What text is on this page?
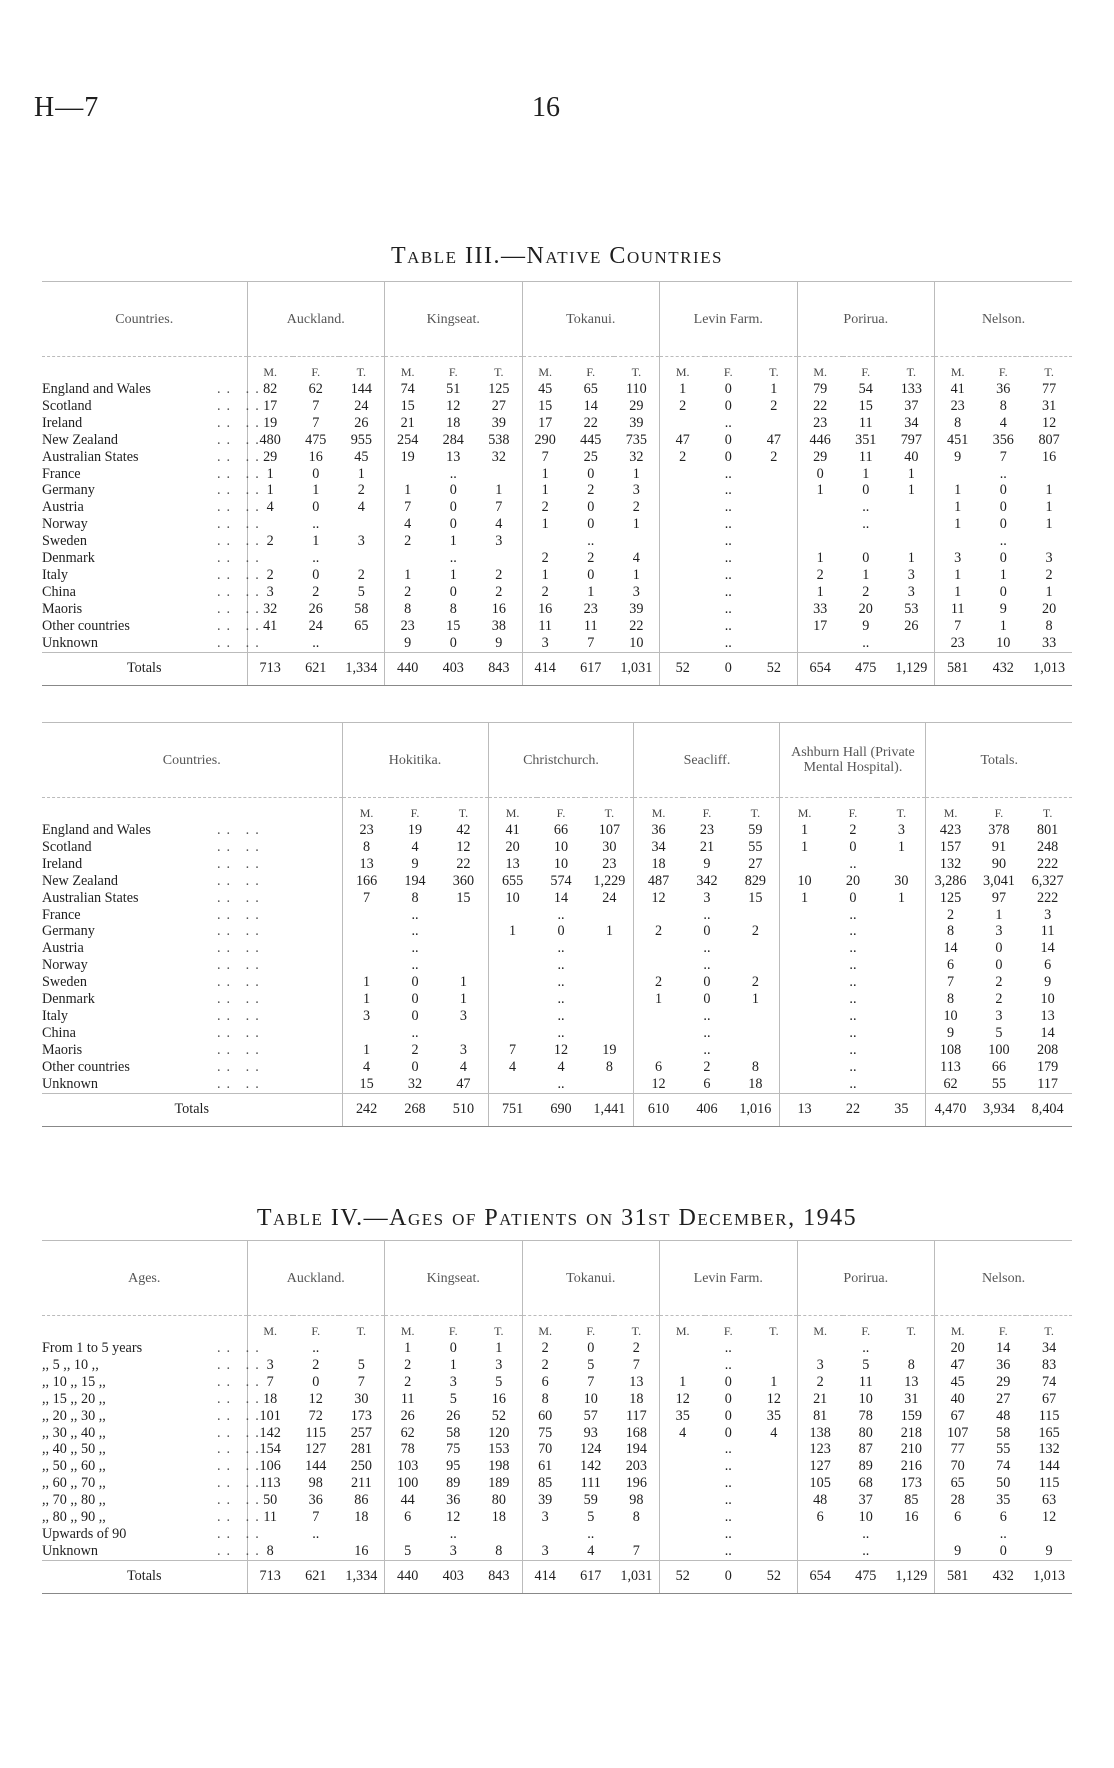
H—7	16
Table III.—Native Countries
Countries.	Auckland.			Kingseat.			Tokanui.			Levin Farm.			Porirua.			Nelson.		
	M.	F.	T.	M.	F.	T.	M.	F.	T.	M.	F.	T.	M.	F.	T.	M.	F.	T.
England and Wales .. ..	82	62	144	74	51	125	45	65	110	1	0	1	79	54	133	41	36	77
Scotland .. ..	17	7	24	15	12	27	15	14	29	2	0	2	22	15	37	23	8	31
Ireland .. ..	19	7	26	21	18	39	17	22	39		..		23	11	34	8	4	12
New Zealand .. ..	480	475	955	254	284	538	290	445	735	47	0	47	446	351	797	451	356	807
Australian States .. ..	29	16	45	19	13	32	7	25	32	2	0	2	29	11	40	9	7	16
France .. ..	1	0	1		..		1	0	1		..		0	1	1		..	
Germany .. ..	1	1	2	1	0	1	1	2	3		..		1	0	1	1	0	1
Austria .. ..	4	0	4	7	0	7	2	0	2		..			..		1	0	1
Norway .. ..		..		4	0	4	1	0	1		..			..		1	0	1
Sweden .. ..	2	1	3	2	1	3		..			..						..	
Denmark .. ..		..			..		2	2	4		..		1	0	1	3	0	3
Italy .. ..	2	0	2	1	1	2	1	0	1		..		2	1	3	1	1	2
China .. ..	3	2	5	2	0	2	2	1	3		..		1	2	3	1	0	1
Maoris .. ..	32	26	58	8	8	16	16	23	39		..		33	20	53	11	9	20
Other countries .. ..	41	24	65	23	15	38	11	11	22		..		17	9	26	7	1	8
Unknown .. ..		..		9	0	9	3	7	10		..			..		23	10	33
Totals	713	621	1,334	440	403	843	414	617	1,031	52	0	52	654	475	1,129	581	432	1,013
Countries.	Hokitika.			Christchurch.			Seacliff.			Ashburn Hall (Private Mental Hospital).			Totals.		
	M.	F.	T.	M.	F.	T.	M.	F.	T.	M.	F.	T.	M.	F.	T.
England and Wales .. ..	23	19	42	41	66	107	36	23	59	1	2	3	423	378	801
Scotland .. ..	8	4	12	20	10	30	34	21	55	1	0	1	157	91	248
Ireland .. ..	13	9	22	13	10	23	18	9	27		..		132	90	222
New Zealand .. ..	166	194	360	655	574	1,229	487	342	829	10	20	30	3,286	3,041	6,327
Australian States .. ..	7	8	15	10	14	24	12	3	15	1	0	1	125	97	222
France .. ..		..			..			..			..		2	1	3
Germany .. ..		..		1	0	1	2	0	2		..		8	3	11
Austria .. ..		..			..			..			..		14	0	14
Norway .. ..		..			..			..			..		6	0	6
Sweden .. ..	1	0	1		..		2	0	2		..		7	2	9
Denmark .. ..	1	0	1		..		1	0	1		..		8	2	10
Italy .. ..	3	0	3		..			..			..		10	3	13
China .. ..		..			..			..			..		9	5	14
Maoris .. ..	1	2	3	7	12	19		..			..		108	100	208
Other countries .. ..	4	0	4	4	4	8	6	2	8		..		113	66	179
Unknown .. ..	15	32	47		..		12	6	18		..		62	55	117
Totals	242	268	510	751	690	1,441	610	406	1,016	13	22	35	4,470	3,934	8,404
Table IV.—Ages of Patients on 31st December, 1945
Ages.	Auckland.			Kingseat.			Tokanui.			Levin Farm.			Porirua.			Nelson.		
	M.	F.	T.	M.	F.	T.	M.	F.	T.	M.	F.	T.	M.	F.	T.	M.	F.	T.
From 1 to 5 years .. ..		..		1	0	1	2	0	2		..			..		20	14	34
,, 5 ,, 10 ,, .. ..	3	2	5	2	1	3	2	5	7		..		3	5	8	47	36	83
,, 10 ,, 15 ,, .. ..	7	0	7	2	3	5	6	7	13	1	0	1	2	11	13	45	29	74
,, 15 ,, 20 ,, .. ..	18	12	30	11	5	16	8	10	18	12	0	12	21	10	31	40	27	67
,, 20 ,, 30 ,, .. ..	101	72	173	26	26	52	60	57	117	35	0	35	81	78	159	67	48	115
,, 30 ,, 40 ,, .. ..	142	115	257	62	58	120	75	93	168	4	0	4	138	80	218	107	58	165
,, 40 ,, 50 ,, .. ..	154	127	281	78	75	153	70	124	194		..		123	87	210	77	55	132
,, 50 ,, 60 ,, .. ..	106	144	250	103	95	198	61	142	203		..		127	89	216	70	74	144
,, 60 ,, 70 ,, .. ..	113	98	211	100	89	189	85	111	196		..		105	68	173	65	50	115
,, 70 ,, 80 ,, .. ..	50	36	86	44	36	80	39	59	98		..		48	37	85	28	35	63
,, 80 ,, 90 ,, .. ..	11	7	18	6	12	18	3	5	8		..		6	10	16	6	6	12
Upwards of 90 .. ..		..			..			..			..			..			..	
Unknown .. ..	8		16	5	3	8	3	4	7		..			..		9	0	9
Totals	713	621	1,334	440	403	843	414	617	1,031	52	0	52	654	475	1,129	581	432	1,013
